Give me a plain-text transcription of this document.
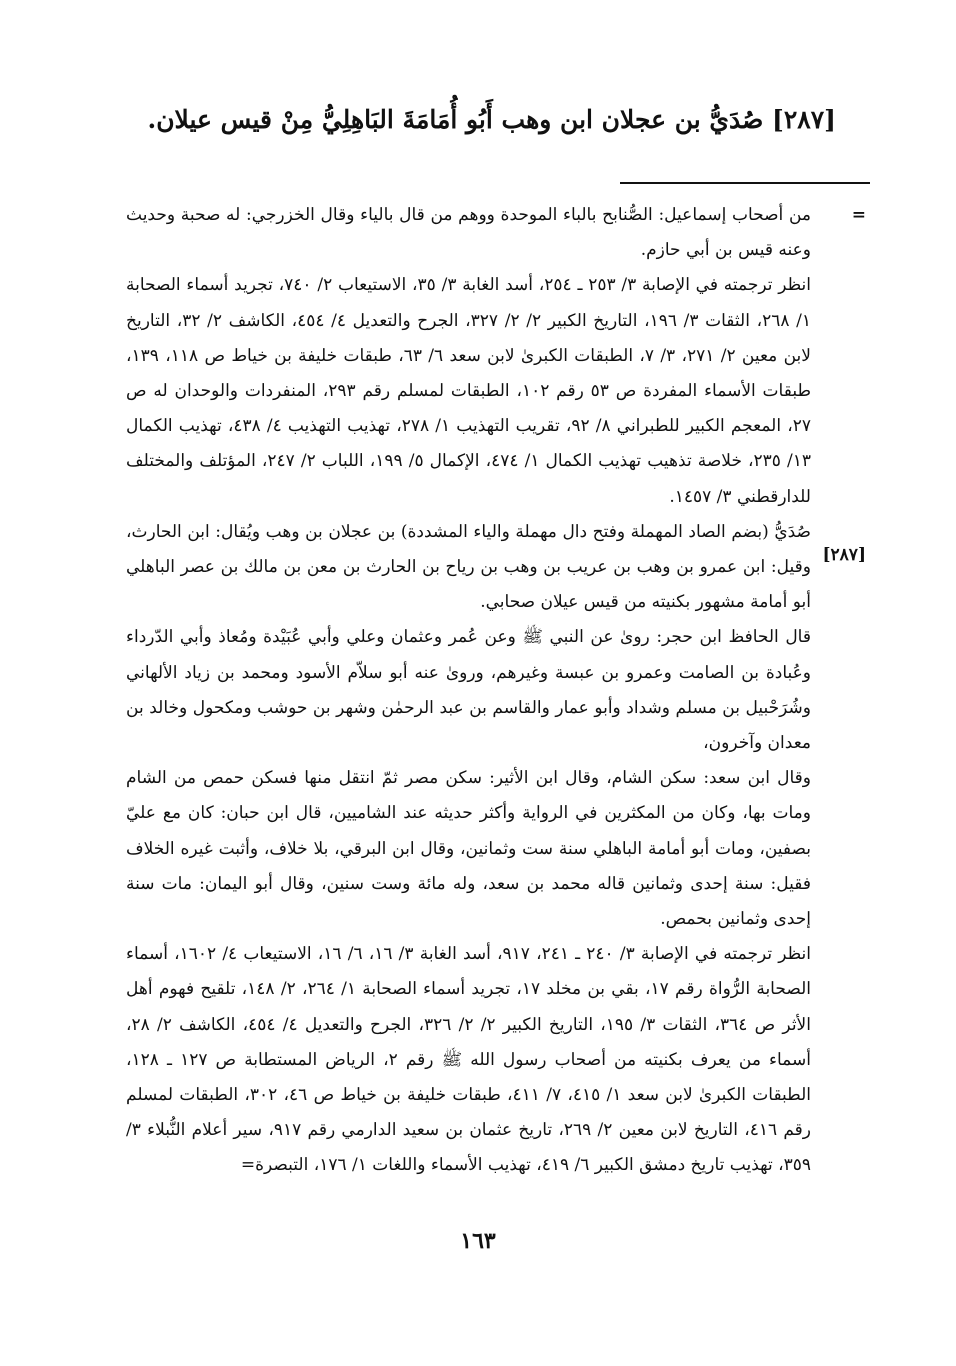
[٢٨٧] صُدَيُّ بن عجلان ابن وهب أَبُو أُمَامَةَ البَاهِلِيُّ مِنْ قيس عيلان.
=
[٢٨٧]

من أصحاب إسماعيل: الصُّنابح بالباء الموحدة ووهم من قال بالياء وقال الخزرجي: له صحبة وحديث وعنه قيس بن أبي حازم.

انظر ترجمته في الإصابة ٣/ ٢٥٣ ـ ٢٥٤، أسد الغابة ٣/ ٣٥، الاستيعاب ٢/ ٧٤٠، تجريد أسماء الصحابة ١/ ٢٦٨، الثقات ٣/ ١٩٦، التاريخ الكبير ٢/ ٢/ ٣٢٧، الجرح والتعديل ٤/ ٤٥٤، الكاشف ٢/ ٣٢، التاريخ لابن معين ٢/ ٢٧١، ٣/ ٧، الطبقات الكبرىٰ لابن سعد ٦/ ٦٣، طبقات خليفة بن خياط ص ١١٨، ١٣٩، طبقات الأسماء المفردة ص ٥٣ رقم ١٠٢، الطبقات لمسلم رقم ٢٩٣، المنفردات والوحدان له ص ٢٧، المعجم الكبير للطبراني ٨/ ٩٢، تقريب التهذيب ١/ ٢٧٨، تهذيب التهذيب ٤/ ٤٣٨، تهذيب الكمال ١٣/ ٢٣٥، خلاصة تذهيب تهذيب الكمال ١/ ٤٧٤، الإكمال ٥/ ١٩٩، اللباب ٢/ ٢٤٧، المؤتلف والمختلف للدارقطني ٣/ ١٤٥٧.

صُدَيُّ (بضم الصاد المهملة وفتح دال مهملة والياء المشددة) بن عجلان بن وهب ويُقال: ابن الحارث، وقيل: ابن عمرو بن وهب بن عريب بن وهب بن رياح بن الحارث بن معن بن مالك بن عصر الباهلي أبو أمامة مشهور بكنيته من قيس عيلان صحابي.

قال الحافظ ابن حجر: روىٰ عن النبي ﷺ وعن عُمر وعثمان وعلي وأبي عُبَيْدة ومُعاذ وأبي الدّرداء وعُبادة بن الصامت وعمرو بن عبسة وغيرهم، وروىٰ عنه أبو سلاّم الأسود ومحمد بن زياد الألهاني وشُرَحْبيل بن مسلم وشداد وأبو عمار والقاسم بن عبد الرحمٰن وشهر بن حوشب ومكحول وخالد بن معدان وآخرون،

وقال ابن سعد: سكن الشام، وقال ابن الأثير: سكن مصر ثمّ انتقل منها فسكن حمص من الشام ومات بها، وكان من المكثرين في الرواية وأكثر حديثه عند الشاميين، قال ابن حبان: كان مع عليّ بصفين، ومات أبو أمامة الباهلي سنة ست وثمانين، وقال ابن البرقي، بلا خلاف، وأثبت غيره الخلاف فقيل: سنة إحدى وثمانين قاله محمد بن سعد، وله مائة وست سنين، وقال أبو اليمان: مات سنة إحدى وثمانين بحمص.

انظر ترجمته في الإصابة ٣/ ٢٤٠ ـ ٢٤١، ٩١٧، أسد الغابة ٣/ ١٦، ٦/ ١٦، الاستيعاب ٤/ ١٦٠٢، أسماء الصحابة الرُّواة رقم ١٧، بقي بن مخلد ١٧، تجريد أسماء الصحابة ١/ ٢٦٤، ٢/ ١٤٨، تلقيح فهوم أهل الأثر ص ٣٦٤، الثقات ٣/ ١٩٥، التاريخ الكبير ٢/ ٢/ ٣٢٦، الجرح والتعديل ٤/ ٤٥٤، الكاشف ٢/ ٢٨، أسماء من يعرف بكنيته من أصحاب رسول الله ﷺ رقم ٢، الرياض المستطابة ص ١٢٧ ـ ١٢٨، الطبقات الكبرىٰ لابن سعد ١/ ٤١٥، ٧/ ٤١١، طبقات خليفة بن خياط ص ٤٦، ٣٠٢، الطبقات لمسلم رقم ٤١٦، التاريخ لابن معين ٢/ ٢٦٩، تاريخ عثمان بن سعيد الدارمي رقم ٩١٧، سير أعلام النُّبلاء ٣/ ٣٥٩، تهذيب تاريخ دمشق الكبير ٦/ ٤١٩، تهذيب الأسماء واللغات ١/ ١٧٦، التبصرة=

١٦٣
